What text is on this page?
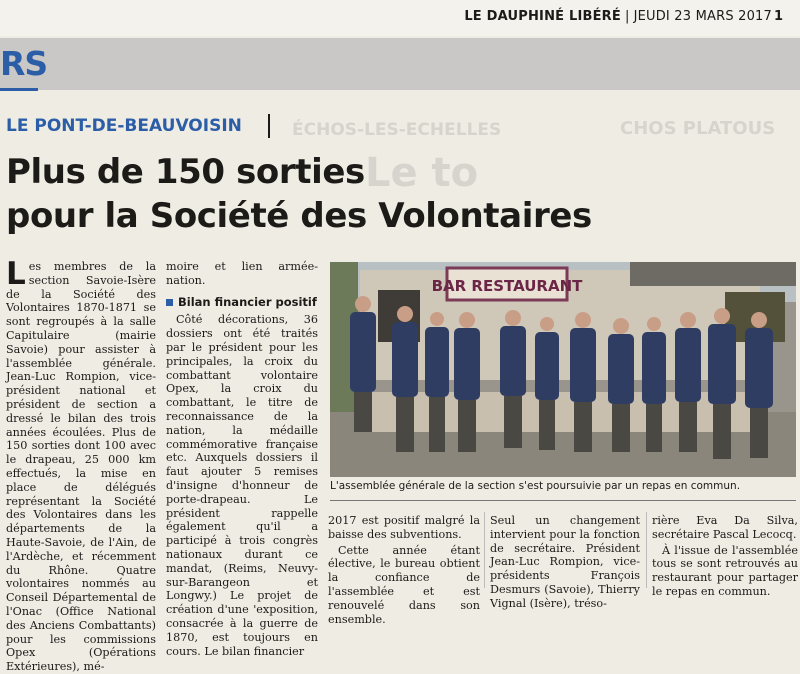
LE DAUPHINÉ LIBÉRÉ | JEUDI 23 MARS 2017 1
RS
ÉCHOS-LES-ECHELLES
Le to
CHOS PLATOUS
LE PONT-DE-BEAUVOISIN
Plus de 150 sorties
pour la Société des Volontaires
Les membres de la section Savoie-Isère de la Société des Volontaires 1870-1871 se sont regroupés à la salle Capitulaire (mairie Savoie) pour assister à l'assemblée générale. Jean-Luc Rompion, vice-président national et président de section a dressé le bilan des trois années écoulées. Plus de 150 sorties dont 100 avec le drapeau, 25 000 km effectués, la mise en place de délégués représentant la Société des Volontaires dans les départements de la Haute-Savoie, de l'Ain, de l'Ardèche, et récemment du Rhône. Quatre volontaires nommés au Conseil Départemental de l'Onac (Office National des Anciens Combattants) pour les commissions Opex (Opérations Extérieures), mé-
moire et lien armée-nation.
Bilan financier positif
Côté décorations, 36 dossiers ont été traités par le président pour les principales, la croix du combattant volontaire Opex, la croix du combattant, le titre de reconnaissance de la nation, la médaille commémorative française etc. Auxquels dossiers il faut ajouter 5 remises d'insigne d'honneur de porte-drapeau. Le président rappelle également qu'il a participé à trois congrès nationaux durant ce mandat, (Reims, Neuvy-sur-Barangeon et Longwy.) Le projet de création d'une 'exposition, consacrée à la guerre de 1870, est toujours en cours. Le bilan financier
BAR RESTAURANT
L'assemblée générale de la section s'est poursuivie par un repas en commun.
2017 est positif malgré la baisse des subventions.
Cette année étant élective, le bureau obtient la confiance de l'assemblée et est renouvelé dans son ensemble.
Seul un changement intervient pour la fonction de secrétaire. Président Jean-Luc Rompion, vice-présidents François Desmurs (Savoie), Thierry Vignal (Isère), tréso-
rière Eva Da Silva, secrétaire Pascal Lecocq.
À l'issue de l'assemblée tous se sont retrouvés au restaurant pour partager le repas en commun.
